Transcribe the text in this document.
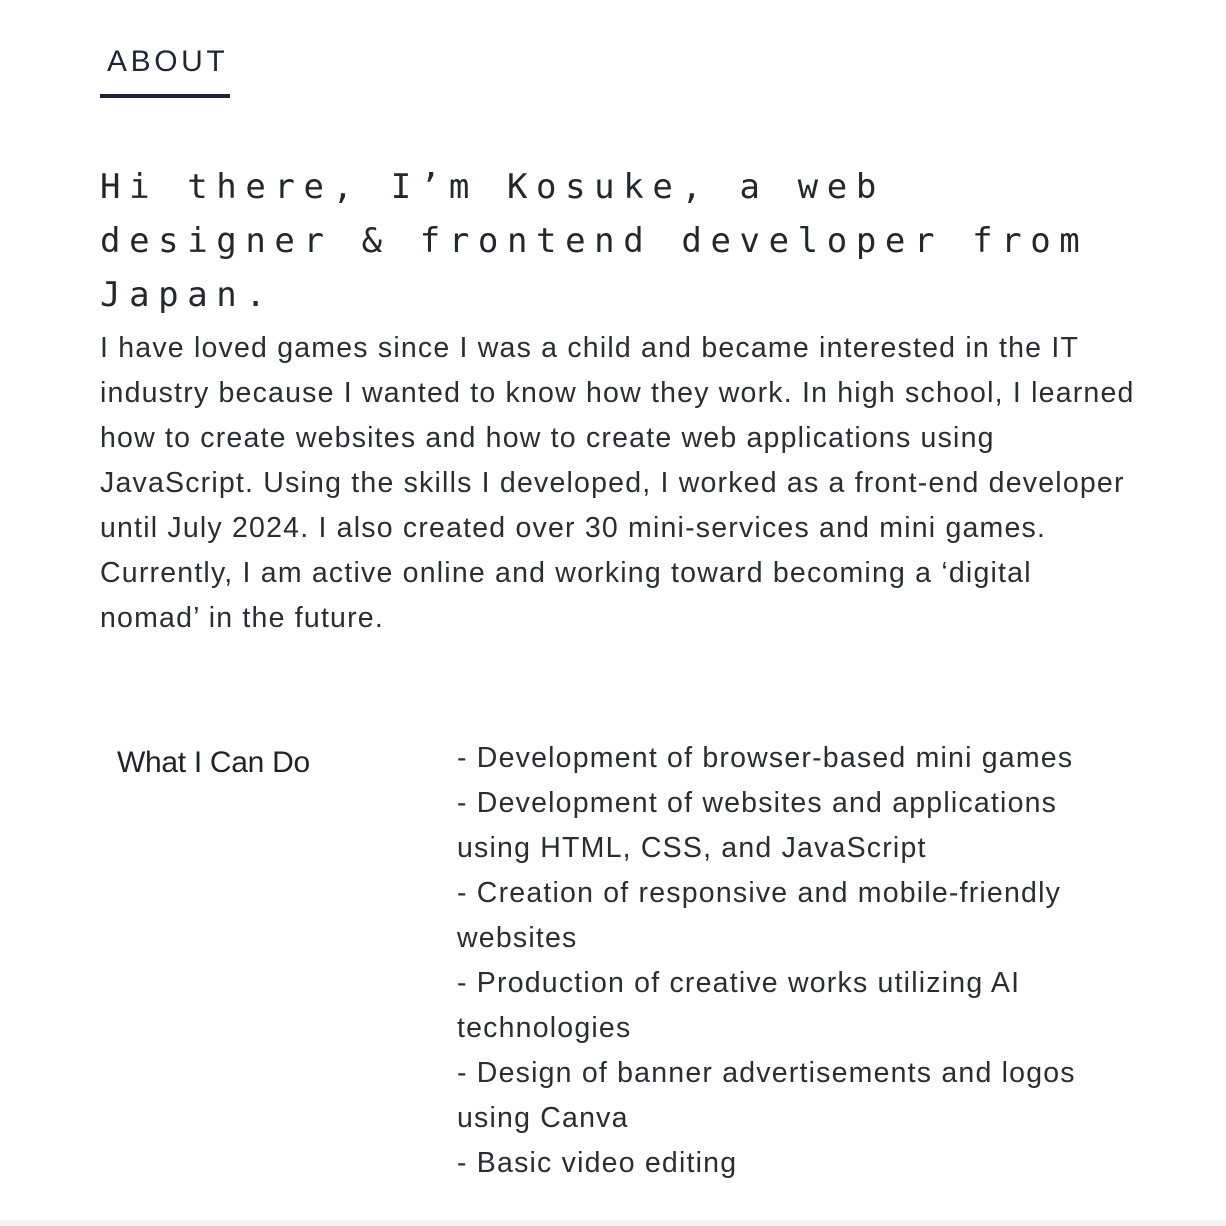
ABOUT
Hi there, I’m Kosuke, a web designer & frontend developer from Japan.

I have loved games since I was a child and became interested in the IT industry because I wanted to know how they work. In high school, I learned how to create websites and how to create web applications using JavaScript. Using the skills I developed, I worked as a front-end developer until July 2024. I also created over 30 mini-services and mini games. Currently, I am active online and working toward becoming a ‘digital nomad’ in the future.

What I Can Do	- Development of browser-based mini games
- Development of websites and applications using HTML, CSS, and JavaScript
- Creation of responsive and mobile-friendly websites
- Production of creative works utilizing AI technologies
- Design of banner advertisements and logos using Canva
- Basic video editing
